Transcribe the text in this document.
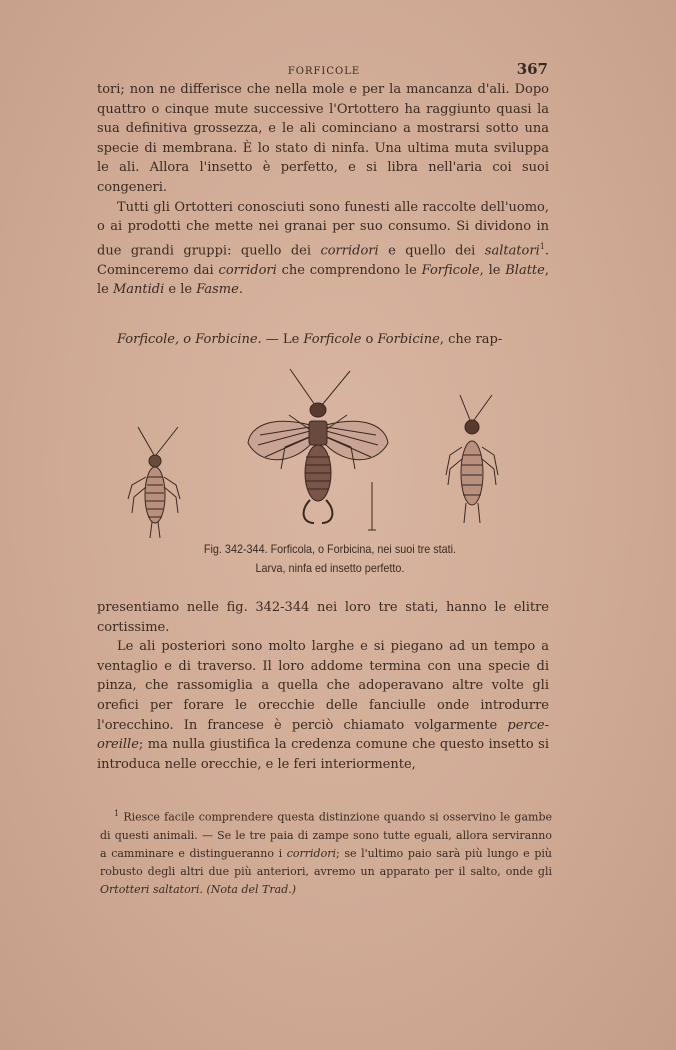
FORFICOLE	367

tori; non ne differisce che nella mole e per la mancanza d'ali. Dopo quattro o cinque mute successive l'Ortottero ha raggiunto quasi la sua definitiva grossezza, e le ali cominciano a mostrarsi sotto una specie di membrana. È lo stato di ninfa. Una ultima muta sviluppa le ali. Allora l'insetto è perfetto, e si libra nell'aria coi suoi congeneri.

Tutti gli Ortotteri conosciuti sono funesti alle raccolte dell'uomo, o ai prodotti che mette nei granai per suo consumo. Si dividono in due grandi gruppi: quello dei corridori e quello dei saltatori$^1$. Cominceremo dai corridori che comprendono le Forficole, le Blatte, le Mantidi e le Fasme.

Forficole, o Forbicine. — Le Forficole o Forbicine, che rap-

Fig. 342-344. Forficola, o Forbicina, nei suoi tre stati.
Larva, ninfa ed insetto perfetto.

presentiamo nelle fig. 342-344 nei loro tre stati, hanno le elitre cortissime.

Le ali posteriori sono molto larghe e si piegano ad un tempo a ventaglio e di traverso. Il loro addome termina con una specie di pinza, che rassomiglia a quella che adoperavano altre volte gli orefici per forare le orecchie delle fanciulle onde introdurre l'orecchino. In francese è perciò chiamato volgarmente perce-oreille; ma nulla giustifica la credenza comune che questo insetto si introduca nelle orecchie, e le feri interiormente,

$^1$ Riesce facile comprendere questa distinzione quando si osservino le gambe di questi animali. — Se le tre paia di zampe sono tutte eguali, allora serviranno a camminare e distingueranno i corridori; se l'ultimo paio sarà più lungo e più robusto degli altri due più anteriori, avremo un apparato per il salto, onde gli Ortotteri saltatori. (Nota del Trad.)
